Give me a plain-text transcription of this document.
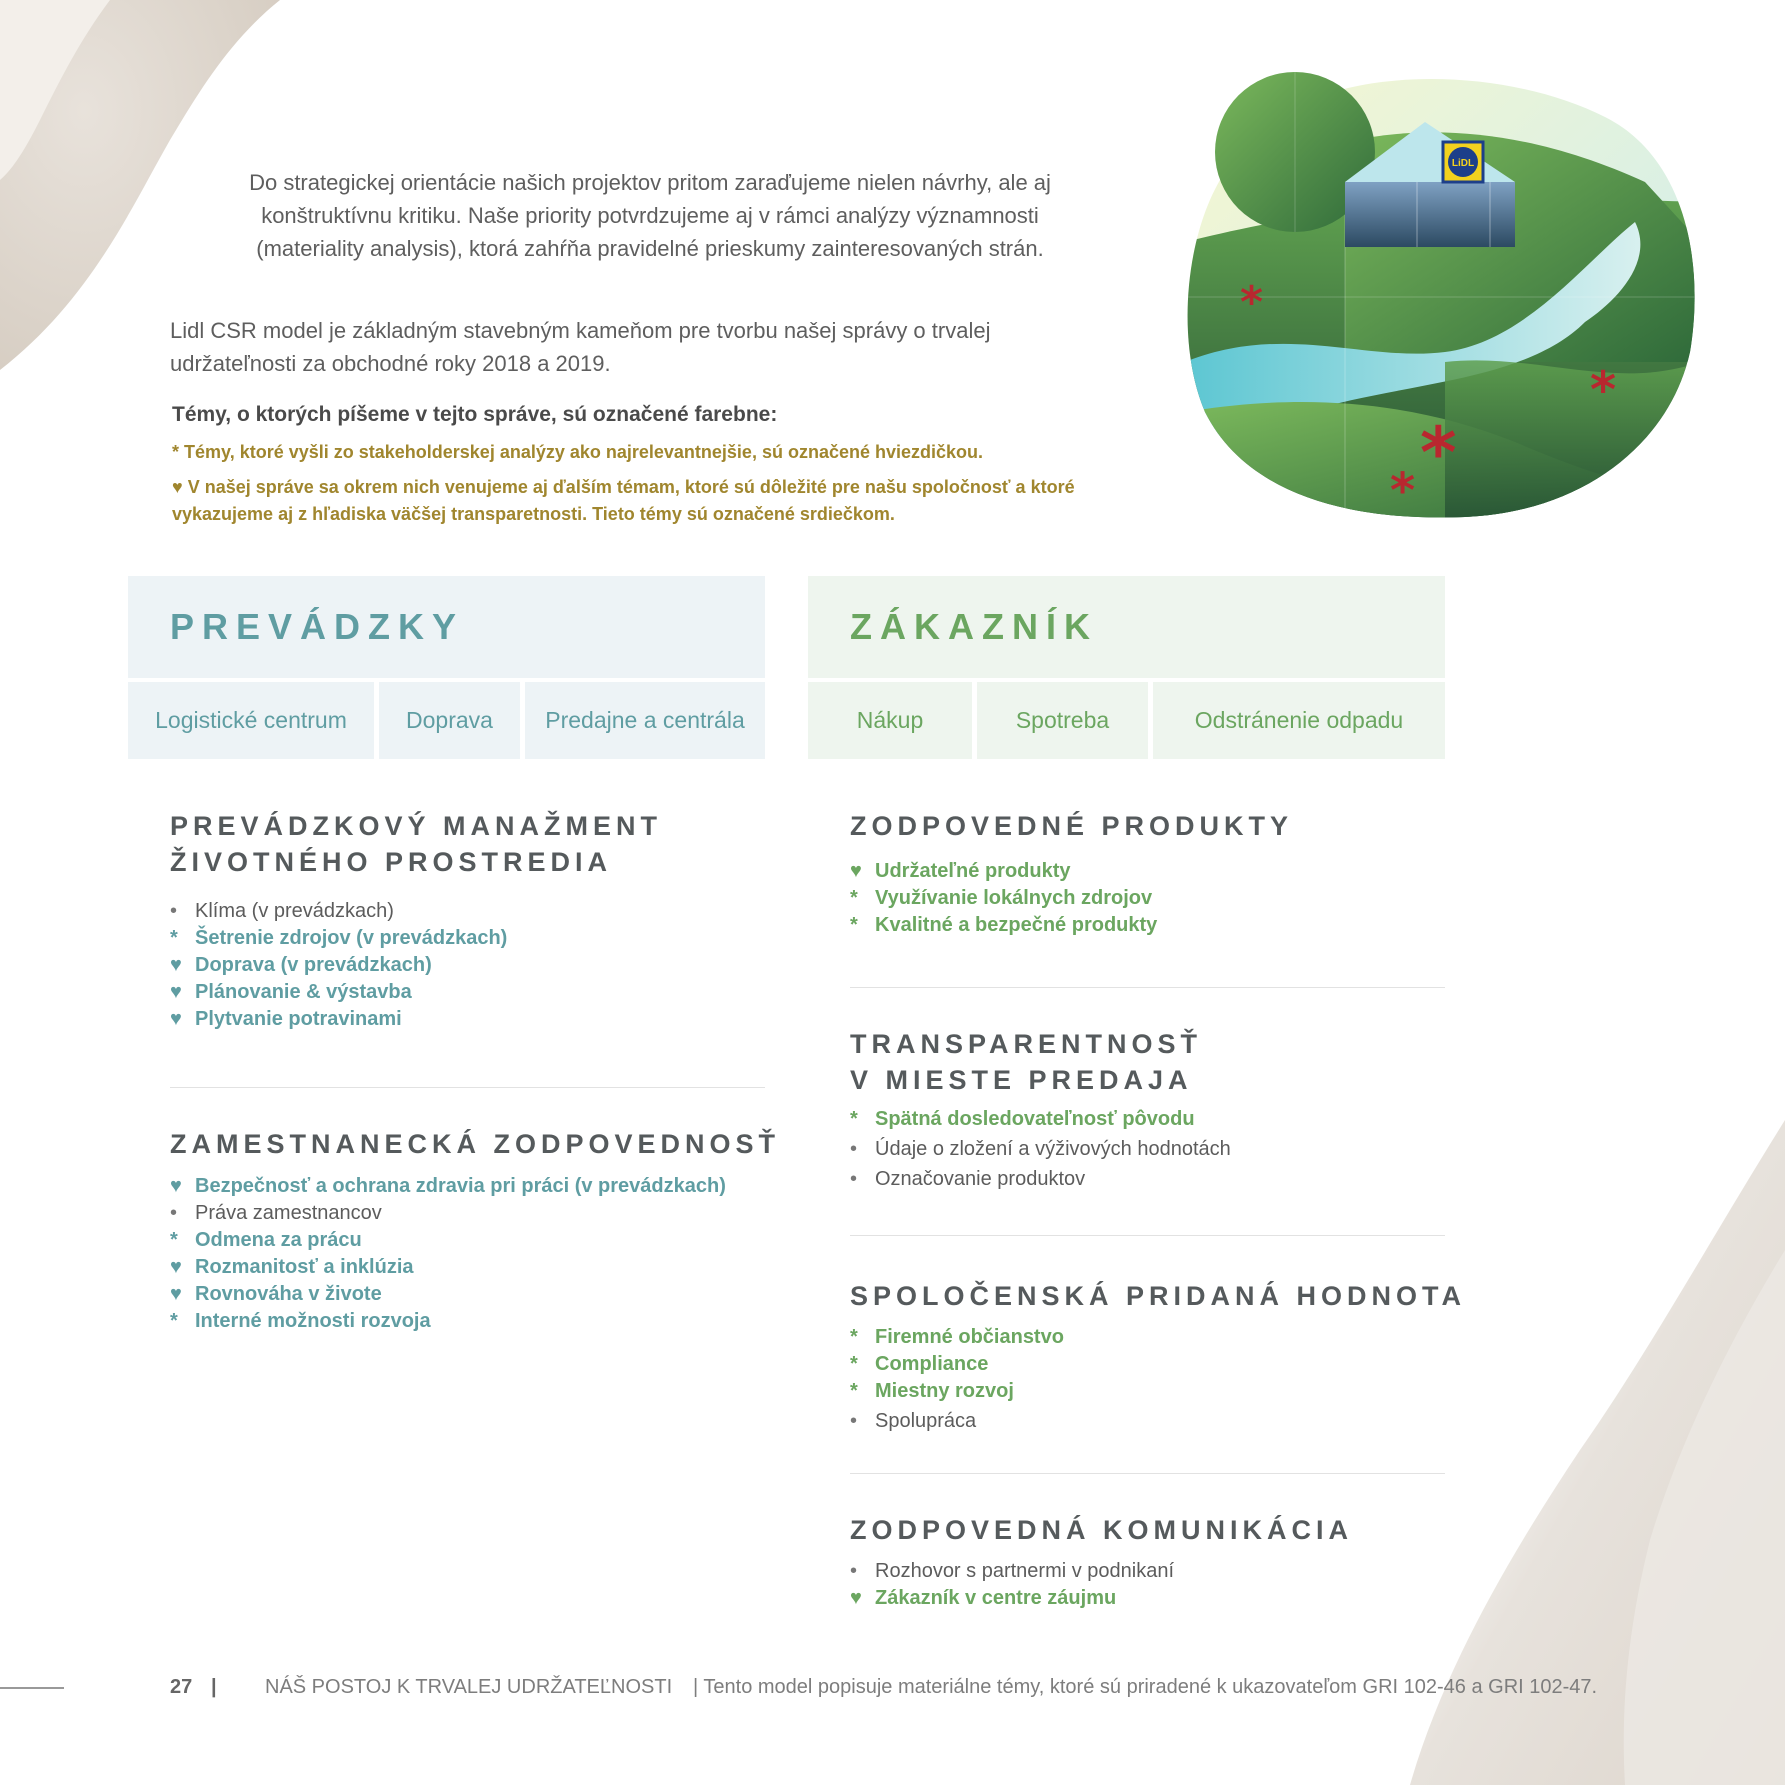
Do strategickej orientácie našich projektov pritom zaraďujeme nielen návrhy, ale aj konštruktívnu kritiku. Naše priority potvrdzujeme aj v rámci analýzy významnosti (materiality analysis), ktorá zahŕňa pravidelné prieskumy zainteresovaných strán.
Lidl CSR model je základným stavebným kameňom pre tvorbu našej správy o trvalej udržateľnosti za obchodné roky 2018 a 2019.
Témy, o ktorých píšeme v tejto správe, sú označené farebne:
* Témy, ktoré vyšli zo stakeholderskej analýzy ako najrelevantnejšie, sú označené hviezdičkou.
♥ V našej správe sa okrem nich venujeme aj ďalším témam, ktoré sú dôležité pre našu spoločnosť a ktoré vykazujeme aj z hľadiska väčšej transparetnosti. Tieto témy sú označené srdiečkom.
LiDL
*
*
*
*
PREVÁDZKY	ZÁKAZNÍK
Logistické centrum	Doprava	Predajne a centrála	Nákup	Spotreba	Odstránenie odpadu
PREVÁDZKOVÝ MANAŽMENT
ŽIVOTNÉHO PROSTREDIA
• Klíma (v prevádzkach)
* Šetrenie zdrojov (v prevádzkach)
♥ Doprava (v prevádzkach)
♥ Plánovanie & výstavba
♥ Plytvanie potravinami
ZAMESTNANECKÁ ZODPOVEDNOSŤ
♥ Bezpečnosť a ochrana zdravia pri práci (v prevádzkach)
• Práva zamestnancov
* Odmena za prácu
♥ Rozmanitosť a inklúzia
♥ Rovnováha v živote
* Interné možnosti rozvoja
ZODPOVEDNÉ PRODUKTY
♥ Udržateľné produkty
* Využívanie lokálnych zdrojov
* Kvalitné a bezpečné produkty
TRANSPARENTNOSŤ
V MIESTE PREDAJA
* Spätná dosledovateľnosť pôvodu
• Údaje o zložení a výživových hodnotách
• Označovanie produktov
SPOLOČENSKÁ PRIDANÁ HODNOTA
* Firemné občianstvo
* Compliance
* Miestny rozvoj
• Spolupráca
ZODPOVEDNÁ KOMUNIKÁCIA
• Rozhovor s partnermi v podnikaní
♥ Zákazník v centre záujmu
27 | NÁŠ POSTOJ K TRVALEJ UDRŽATEĽNOSTI | Tento model popisuje materiálne témy, ktoré sú priradené k ukazovateľom GRI 102-46 a GRI 102-47.
